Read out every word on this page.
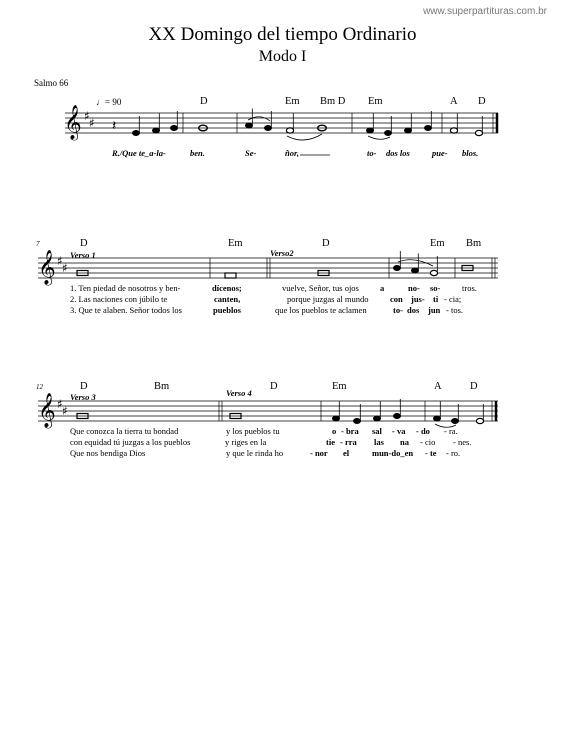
www.superpartituras.com.br
XX Domingo del tiempo Ordinario
Modo I
Salmo 66
♩= 90	D	Em Bm D Em	A D
R./Que te_a-la-	ben.	Se-	ñor,	to- dos los	pue- blos.
7
Verso 1	Verso2
D	Em	D	Em Bm
1. Ten piedad de nosotros y ben-	dícenos;	vuelve, Señor, tus ojos a	no- so-	tros.
2. Las naciones con júbilo te	canten,	porque juzgas al mundo	con jus- ti - cia;
3. Que te alaben. Señor todos los	pueblos	que los pueblos te aclamen	to- dos jun - tos.
12
Verso 3	Verso 4
D	Bm	D	Em	A	D
Que conozca la tierra tu bondad	y los pueblos tu	o - bra sal - va - do - ra.
con equidad tú juzgas a los pueblos	y riges en la	tie - rra las na - cio - nes.
Que nos bendiga Dios	y que le rinda ho	- nor el	mun-do_en - te - ro.
𝄞 ♯ ♯ 𝄽
𝄞 ♯ ♯
𝄞 ♯ ♯
